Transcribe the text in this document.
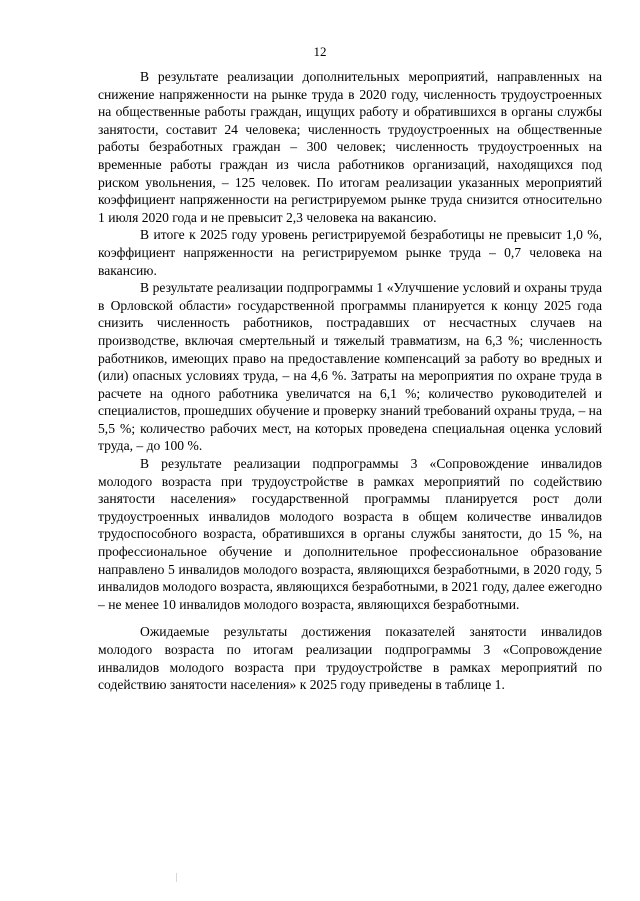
12

В результате реализации дополнительных мероприятий, направленных на снижение напряженности на рынке труда в 2020 году, численность трудоустроенных на общественные работы граждан, ищущих работу и обратившихся в органы службы занятости, составит 24 человека; численность трудоустроенных на общественные работы безработных граждан – 300 человек; численность трудоустроенных на временные работы граждан из числа работников организаций, находящихся под риском увольнения, – 125 человек. По итогам реализации указанных мероприятий коэффициент напряженности на регистрируемом рынке труда снизится относительно 1 июля 2020 года и не превысит 2,3 человека на вакансию.

В итоге к 2025 году уровень регистрируемой безработицы не превысит 1,0 %, коэффициент напряженности на регистрируемом рынке труда – 0,7 человека на вакансию.

В результате реализации подпрограммы 1 «Улучшение условий и охраны труда в Орловской области» государственной программы планируется к концу 2025 года снизить численность работников, пострадавших от несчастных случаев на производстве, включая смертельный и тяжелый травматизм, на 6,3 %; численность работников, имеющих право на предоставление компенсаций за работу во вредных и (или) опасных условиях труда, – на 4,6 %. Затраты на мероприятия по охране труда в расчете на одного работника увеличатся на 6,1 %; количество руководителей и специалистов, прошедших обучение и проверку знаний требований охраны труда, – на 5,5 %; количество рабочих мест, на которых проведена специальная оценка условий труда, – до 100 %.

В результате реализации подпрограммы 3 «Сопровождение инвалидов молодого возраста при трудоустройстве в рамках мероприятий по содействию занятости населения» государственной программы планируется рост доли трудоустроенных инвалидов молодого возраста в общем количестве инвалидов трудоспособного возраста, обратившихся в органы службы занятости, до 15 %, на профессиональное обучение и дополнительное профессиональное образование направлено 5 инвалидов молодого возраста, являющихся безработными, в 2020 году, 5 инвалидов молодого возраста, являющихся безработными, в 2021 году, далее ежегодно – не менее 10 инвалидов молодого возраста, являющихся безработными.

Ожидаемые результаты достижения показателей занятости инвалидов молодого возраста по итогам реализации подпрограммы 3 «Сопровождение инвалидов молодого возраста при трудоустройстве в рамках мероприятий по содействию занятости населения» к 2025 году приведены в таблице 1.
